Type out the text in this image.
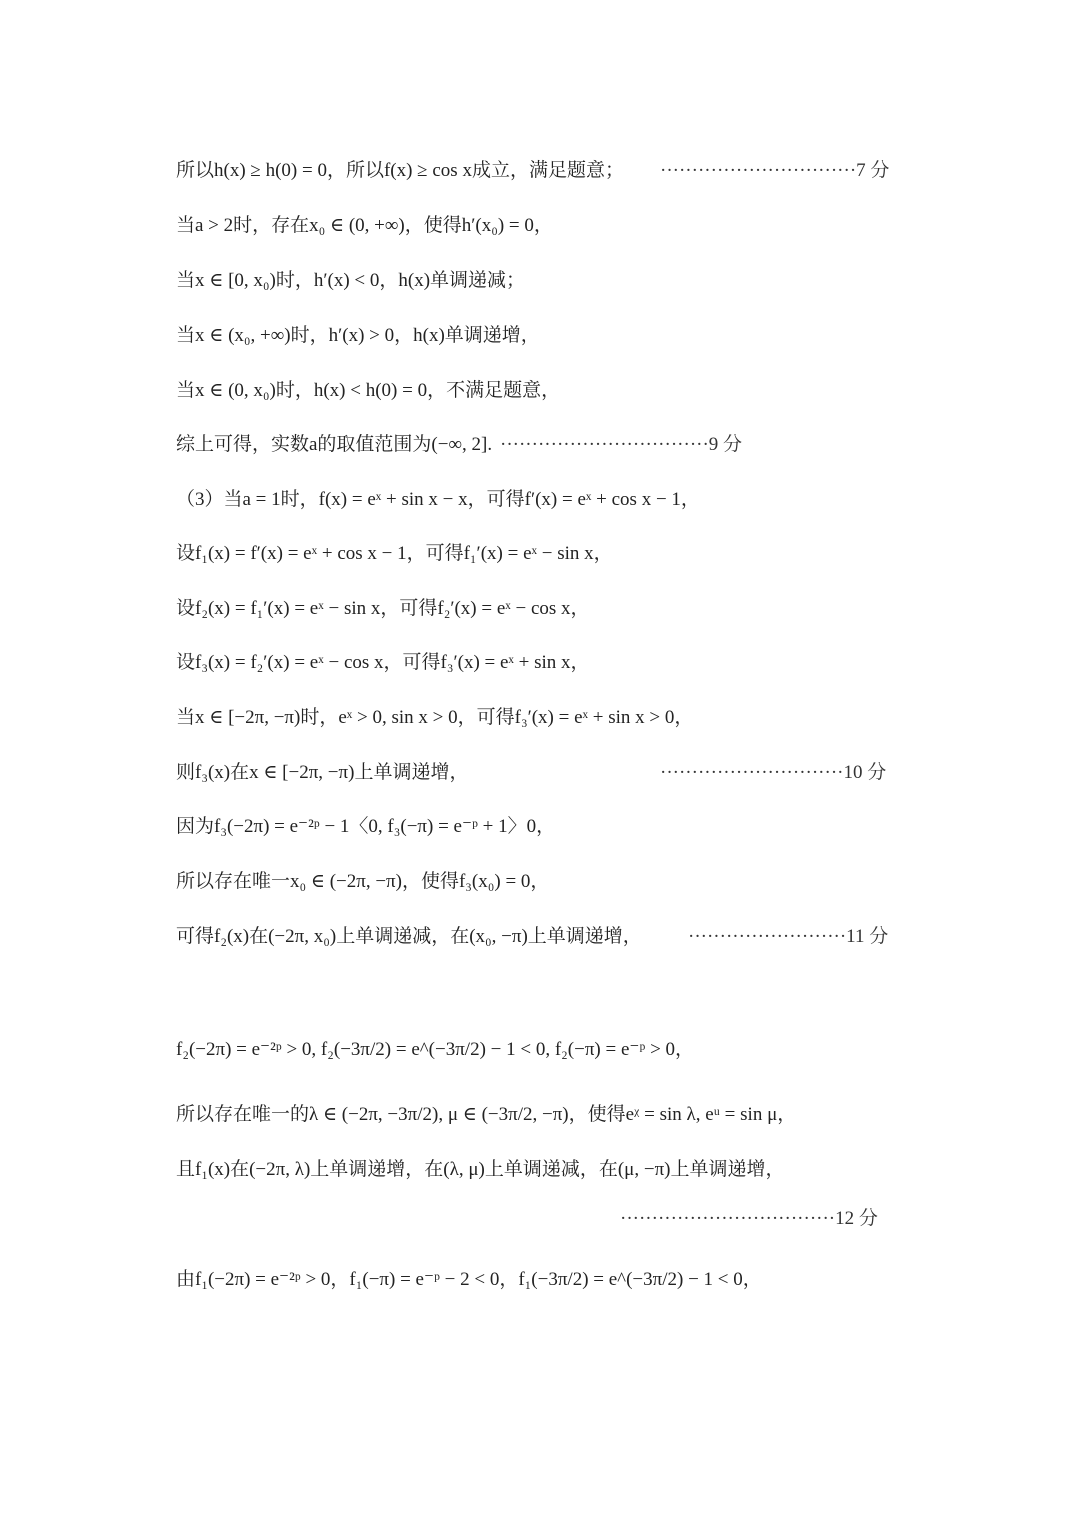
所以h(x) ≥ h(0) = 0，所以f(x) ≥ cos x成立，满足题意；
当a > 2时，存在x₀ ∈ (0, +∞)，使得h′(x₀) = 0，
当x ∈ [0, x₀)时，h′(x) < 0，h(x)单调递减；
当x ∈ (x₀, +∞)时，h′(x) > 0，h(x)单调递增，
当x ∈ (0, x₀)时，h(x) < h(0) = 0，不满足题意，
综上可得，实数a的取值范围为(−∞, 2].
（3）当a = 1时，f(x) = eˣ + sin x − x，可得f′(x) = eˣ + cos x − 1，
设f₁(x) = f′(x) = eˣ + cos x − 1，可得f₁′(x) = eˣ − sin x，
设f₂(x) = f₁′(x) = eˣ − sin x，可得f₂′(x) = eˣ − cos x，
设f₃(x) = f₂′(x) = eˣ − cos x，可得f₃′(x) = eˣ + sin x，
当x ∈ [−2π, −π)时，eˣ > 0, sin x > 0，可得f₃′(x) = eˣ + sin x > 0，
则f₃(x)在x ∈ [−2π, −π)上单调递增，
因为f₃(−2π) = e⁻²ᵖ − 1〈0, f₃(−π) = e⁻ᵖ + 1〉0，
所以存在唯一x₀ ∈ (−2π, −π)，使得f₃(x₀) = 0，
可得f₂(x)在(−2π, x₀)上单调递减，在(x₀, −π)上单调递增，
f₂(−2π) = e⁻²ᵖ > 0, f₂(−3π/2) = e^(−3π/2) − 1 < 0, f₂(−π) = e⁻ᵖ > 0，
所以存在唯一的λ ∈ (−2π, −3π/2), μ ∈ (−3π/2, −π)，使得eᵡ = sin λ, eᵘ = sin μ，
且f₁(x)在(−2π, λ)上单调递增，在(λ, μ)上单调递减，在(μ, −π)上单调递增，
由f₁(−2π) = e⁻²ᵖ > 0，f₁(−π) = e⁻ᵖ − 2 < 0，f₁(−3π/2) = e^(−3π/2) − 1 < 0，
·······························7 分
·································9 分
·····························10 分
·························11 分
··································12 分
